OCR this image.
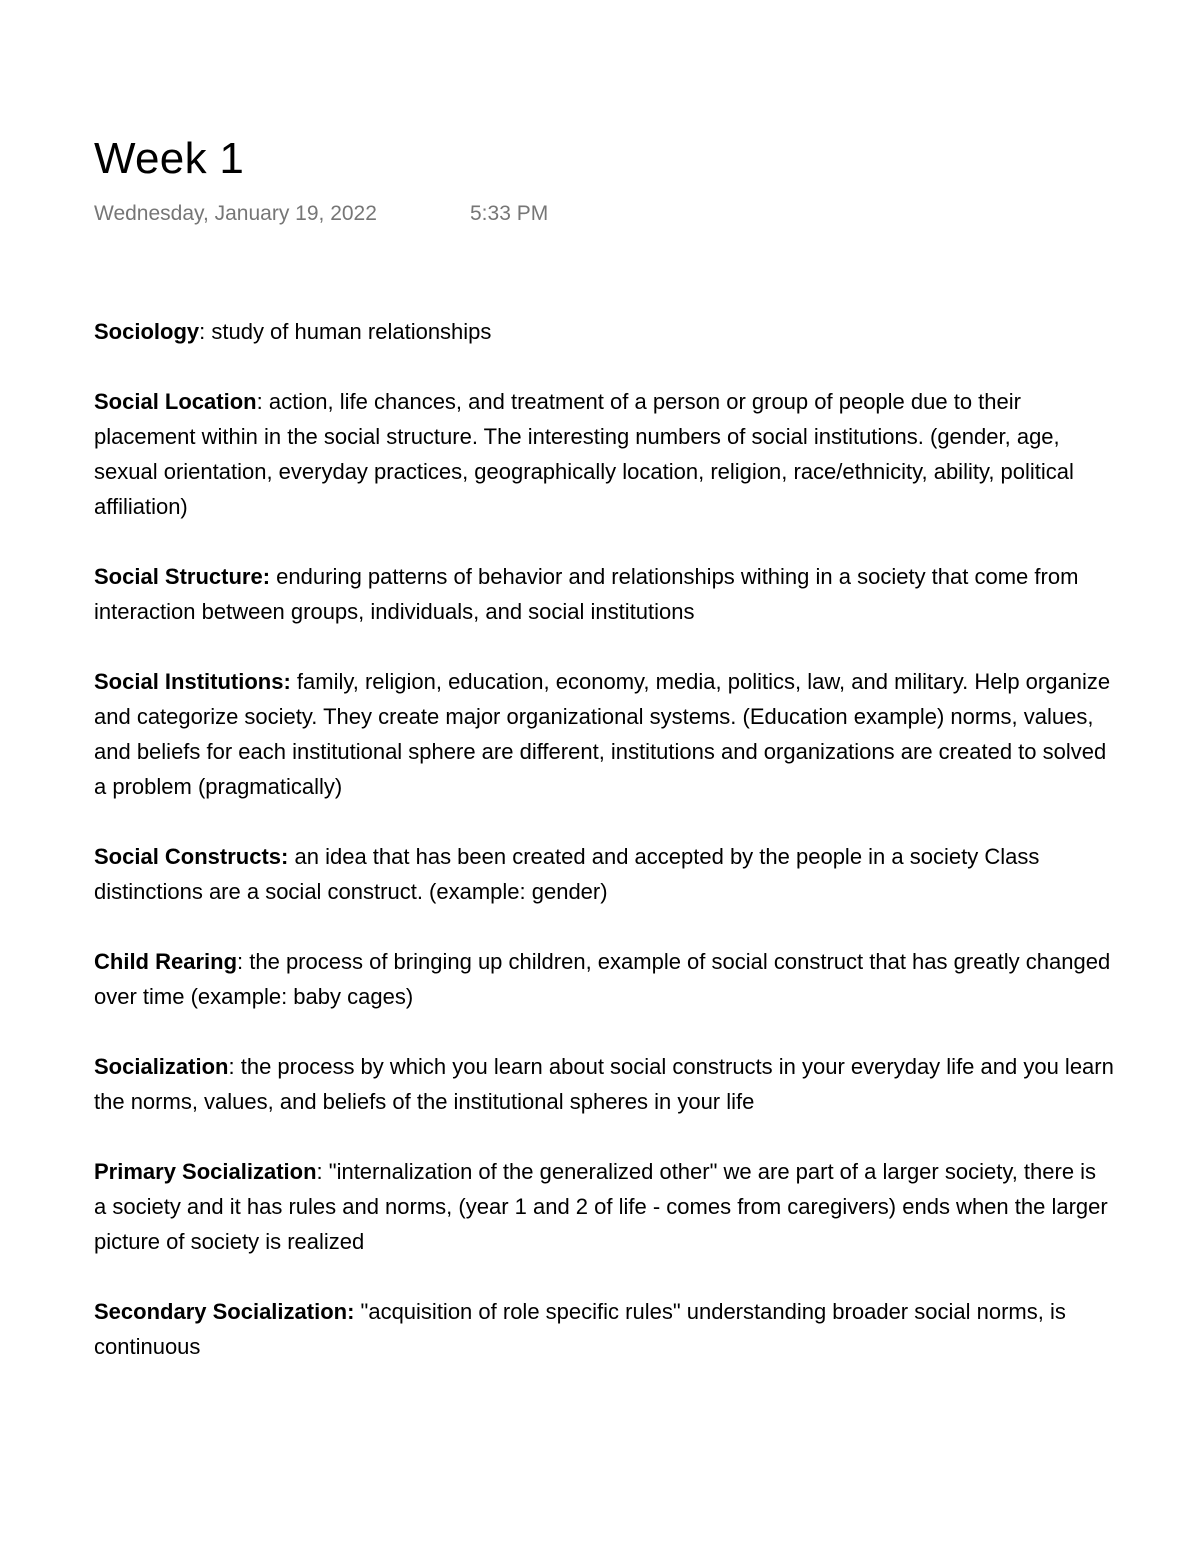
Week 1
Wednesday, January 19, 2022	5:33 PM

Sociology: study of human relationships

Social Location: action, life chances, and treatment of a person or group of people due to their placement within in the social structure. The interesting numbers of social institutions. (gender, age, sexual orientation, everyday practices, geographically location, religion, race/ethnicity, ability, political affiliation)

Social Structure: enduring patterns of behavior and relationships withing in a society that come from interaction between groups, individuals, and social institutions

Social Institutions: family, religion, education, economy, media, politics, law, and military. Help organize and categorize society. They create major organizational systems. (Education example) norms, values, and beliefs for each institutional sphere are different, institutions and organizations are created to solved a problem (pragmatically)

Social Constructs: an idea that has been created and accepted by the people in a society Class distinctions are a social construct. (example: gender)

Child Rearing: the process of bringing up children, example of social construct that has greatly changed over time (example: baby cages)

Socialization: the process by which you learn about social constructs in your everyday life and you learn the norms, values, and beliefs of the institutional spheres in your life

Primary Socialization: "internalization of the generalized other" we are part of a larger society, there is a society and it has rules and norms, (year 1 and 2 of life - comes from caregivers) ends when the larger picture of society is realized

Secondary Socialization: "acquisition of role specific rules" understanding broader social norms, is continuous
